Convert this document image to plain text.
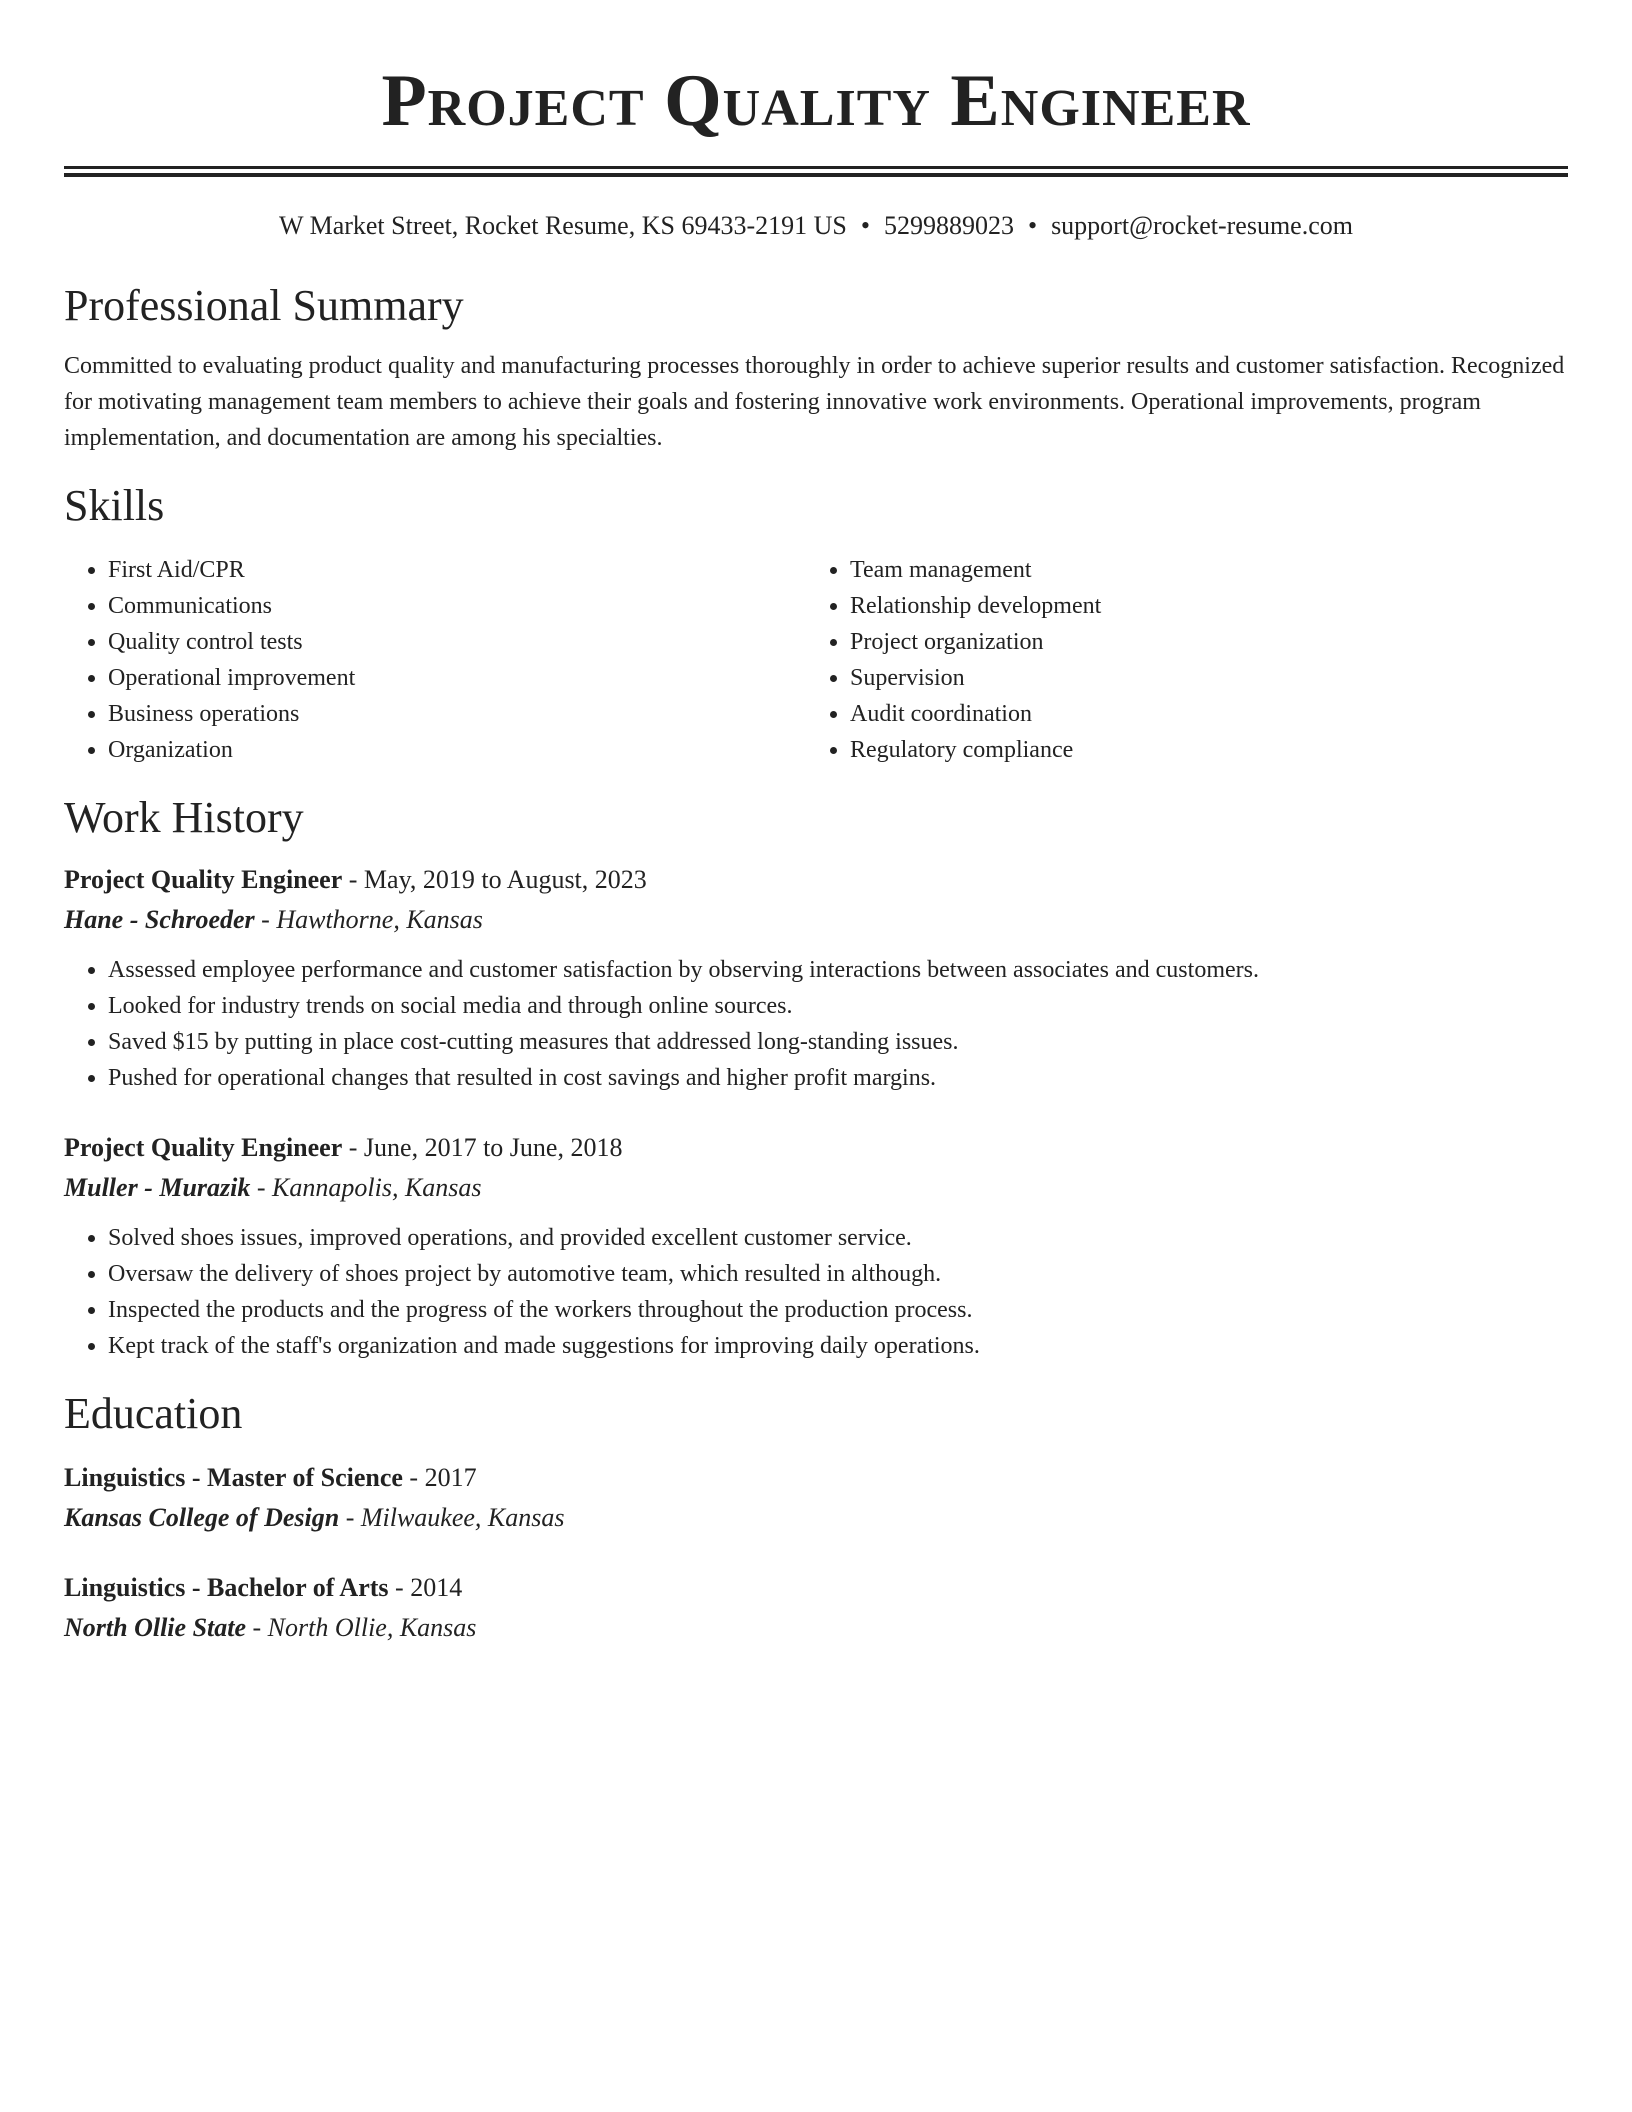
Project Quality Engineer
W Market Street, Rocket Resume, KS 69433-2191 US • 5299889023 • support@rocket-resume.com
Professional Summary

Committed to evaluating product quality and manufacturing processes thoroughly in order to achieve superior results and customer satisfaction. Recognized for motivating management team members to achieve their goals and fostering innovative work environments. Operational improvements, program implementation, and documentation are among his specialties.

Skills
• First Aid/CPR
• Communications
• Quality control tests
• Operational improvement
• Business operations
• Organization
• Team management
• Relationship development
• Project organization
• Supervision
• Audit coordination
• Regulatory compliance
Work History
Project Quality Engineer - May, 2019 to August, 2023
Hane - Schroeder - Hawthorne, Kansas
• Assessed employee performance and customer satisfaction by observing interactions between associates and customers.
• Looked for industry trends on social media and through online sources.
• Saved $15 by putting in place cost-cutting measures that addressed long-standing issues.
• Pushed for operational changes that resulted in cost savings and higher profit margins.
Project Quality Engineer - June, 2017 to June, 2018
Muller - Murazik - Kannapolis, Kansas
• Solved shoes issues, improved operations, and provided excellent customer service.
• Oversaw the delivery of shoes project by automotive team, which resulted in although.
• Inspected the products and the progress of the workers throughout the production process.
• Kept track of the staff's organization and made suggestions for improving daily operations.
Education
Linguistics - Master of Science - 2017
Kansas College of Design - Milwaukee, Kansas
Linguistics - Bachelor of Arts - 2014
North Ollie State - North Ollie, Kansas
